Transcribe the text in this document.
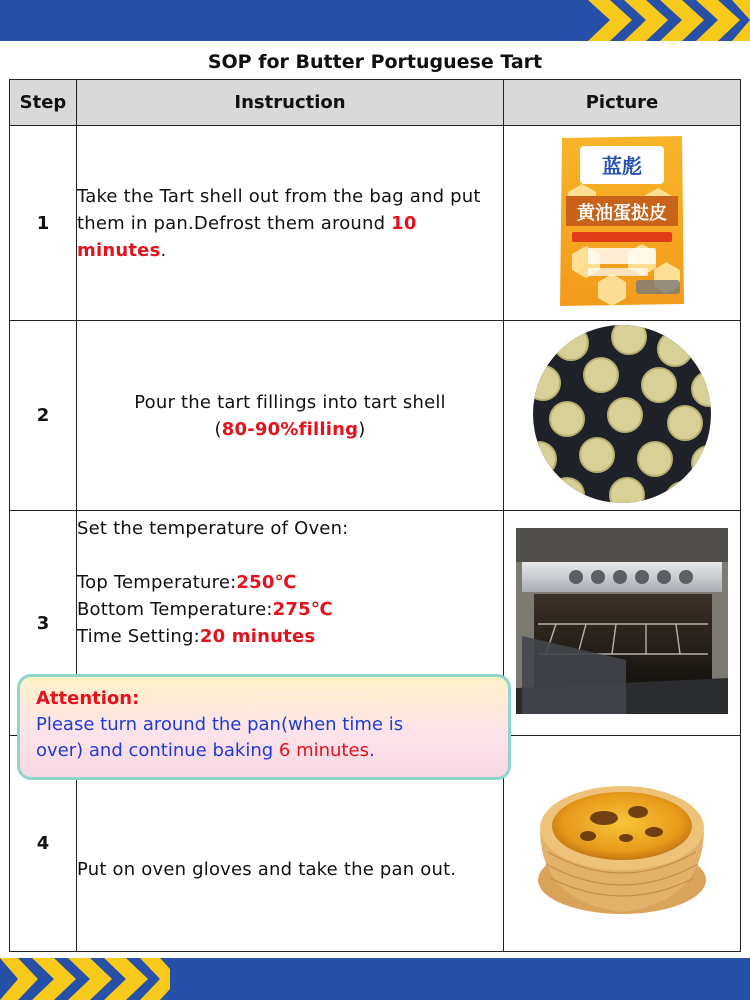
SOP for Butter Portuguese Tart
Step	Instruction	Picture
1	Take the Tart shell out from the bag and put them in pan.Defrost them around 10 minutes.	蓝彪
黄油蛋挞皮

2	Pour the tart fillings into tart shell
(80-90%filling)

3	Set the temperature of Oven:
Top Temperature:250℃
Bottom Temperature:275℃
Time Setting:20 minutes

4	Put on oven gloves and take the pan out.	
Attention:
Please turn around the pan(when time is
over) and continue baking 6 minutes.
